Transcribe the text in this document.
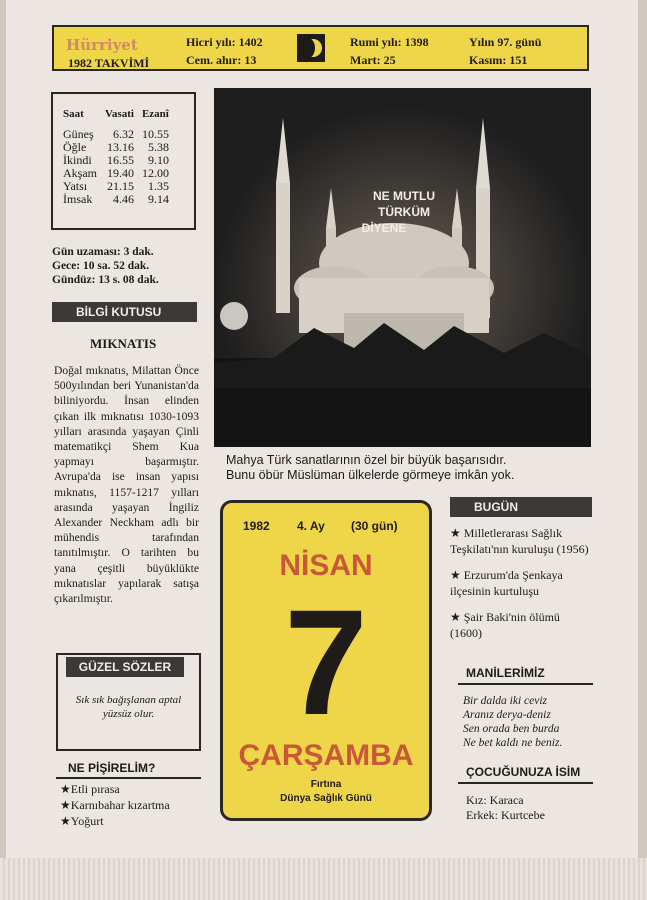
Hürriyet
1982 TAKVİMİ
Hicri yılı: 1402
Cem. ahır: 13
Rumi yılı: 1398
Mart: 25
Yılın 97. günü
Kasım: 151
Saat	Vasati	Ezanî
Güneş	6.32	10.55
Öğle	13.16	5.38
İkindi	16.55	9.10
Akşam	19.40	12.00
Yatsı	21.15	1.35
İmsak	4.46	9.14
Gün uzaması: 3 dak.
Gece: 10 sa. 52 dak.
Gündüz: 13 s. 08 dak.
BİLGİ KUTUSU
MIKNATIS
Doğal mıknatıs, Milattan Önce 500yılından beri Yunanistan'da biliniyordu. İnsan elinden çıkan ilk mıknatısı 1030-1093 yılları arasında yaşayan Çinli matematikçi Shem Kua yapmayı başarmıştır. Avrupa'da ise insan yapısı mıknatıs, 1157-1217 yılları arasında yaşayan İngiliz Alexander Neckham adlı bir mühendis tarafından tanıtılmıştır. O tarihten bu yana çeşitli büyüklükte mıknatıslar yapılarak satışa çıkarılmıştır.
NE MUTLU
TÜRKÜM
DİYENE
Mahya Türk sanatlarının özel bir büyük başarısıdır.
Bunu öbür Müslüman ülkelerde görmeye imkân yok.
1982 4. Ay (30 gün)
NİSAN
7
ÇARŞAMBA
Fırtına
Dünya Sağlık Günü
GÜZEL SÖZLER
Sık sık bağışlanan aptal yüzsüz olur.
NE PİŞİRELİM?
★Etli pırasa
★Karnıbahar kızartma
★Yoğurt
BUGÜN

★ Milletlerarası Sağlık Teşkilatı'nın kuruluşu (1956)

★ Erzurum'da Şenkaya ilçesinin kurtuluşu

★ Şair Baki'nin ölümü (1600)

MANİLERİMİZ
Bir dalda iki ceviz
Aranız derya-deniz
Sen orada ben burda
Ne bet kaldı ne beniz.
ÇOCUĞUNUZA İSİM
Kız: Karaca
Erkek: Kurtcebe
